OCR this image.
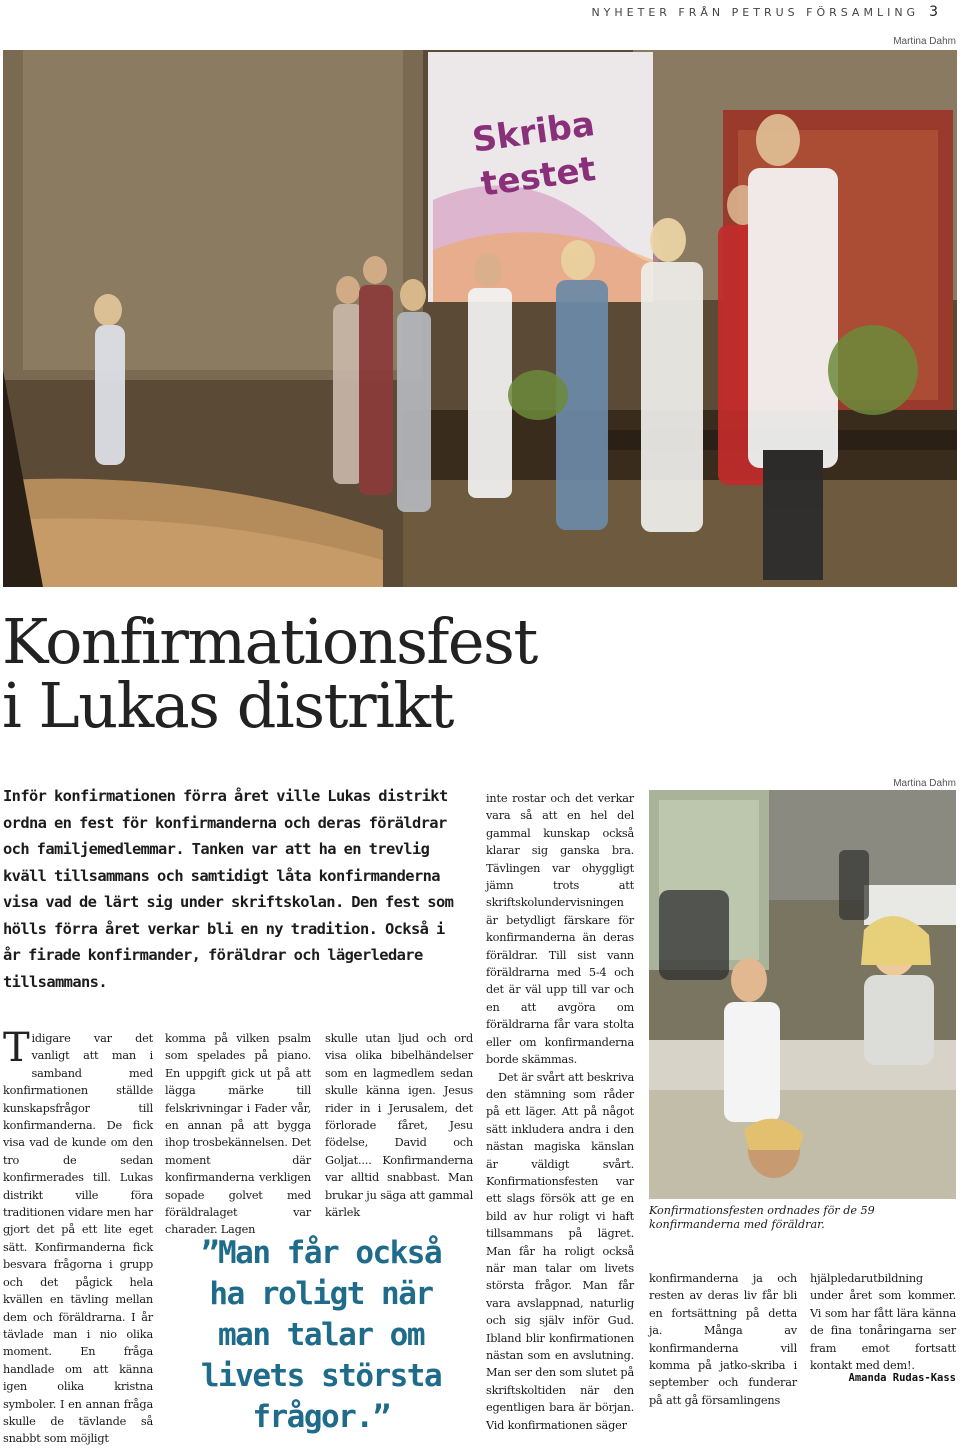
NYHETER FRÅN PETRUS FÖRSAMLING 3
Martina Dahm
Skriba
testet
Konfirmationsfest
i Lukas distrikt
Inför konfirmationen förra året ville Lukas distrikt ordna en fest för konfirmanderna och deras föräldrar och familjemedlemmar. Tanken var att ha en trevlig kväll tillsammans och samtidigt låta konfirmanderna visa vad de lärt sig under skriftskolan. Den fest som hölls förra året verkar bli en ny tradition. Också i år firade konfirmander, föräldrar och lägerledare tillsammans.
Tidigare var det vanligt att man i samband med konfirmationen ställde kunskapsfrågor till konfirmanderna. De fick visa vad de kunde om den tro de sedan konfirmerades till. Lukas distrikt ville föra traditionen vidare men har gjort det på ett lite eget sätt. Konfirmanderna fick besvara frågorna i grupp och det pågick hela kvällen en tävling mellan dem och föräldrarna. I år tävlade man i nio olika moment. En fråga handlade om att känna igen olika kristna symboler. I en annan fråga skulle de tävlande så snabbt som möjligt

komma på vilken psalm som spelades på piano. En uppgift gick ut på att lägga märke till felskrivningar i Fader vår, en annan på att bygga ihop trosbekännelsen. Det moment där konfirmanderna verkligen sopade golvet med föräldralaget var charader. Lagen

skulle utan ljud och ord visa olika bibelhändelser som en lagmedlem sedan skulle känna igen. Jesus rider in i Jerusalem, det förlorade fåret, Jesu födelse, David och Goljat.... Konfirmanderna var alltid snabbast. Man brukar ju säga att gammal kärlek

”Man får också ha roligt när man talar om livets största frågor.”

inte rostar och det verkar vara så att en hel del gammal kunskap också klarar sig ganska bra. Tävlingen var ohyggligt jämn trots att skriftskolundervisningen är betydligt färskare för konfirmanderna än deras föräldrar. Till sist vann föräldrarna med 5-4 och det är väl upp till var och en att avgöra om föräldrarna får vara stolta eller om konfirmanderna borde skämmas.

Det är svårt att beskriva den stämning som råder på ett läger. Att på något sätt inkludera andra i den nästan magiska känslan är väldigt svårt. Konfirmationsfesten var ett slags försök att ge en bild av hur roligt vi haft tillsammans på lägret. Man får ha roligt också när man talar om livets största frågor. Man får vara avslappnad, naturlig och sig själv inför Gud. Ibland blir konfirmationen nästan som en avslutning. Man ser den som slutet på skriftskoltiden när den egentligen bara är början. Vid konfirmationen säger

Martina Dahm
Konfirmationsfesten ordnades för de 59 konfirmanderna med föräldrar.

konfirmanderna ja och resten av deras liv får bli en fortsättning på detta ja. Många av konfirmanderna vill komma på jatko-skriba i september och funderar på att gå församlingens

hjälpledarutbildning under året som kommer. Vi som har fått lära känna de fina tonåringarna ser fram emot fortsatt kontakt med dem!.

Amanda Rudas-Kass
